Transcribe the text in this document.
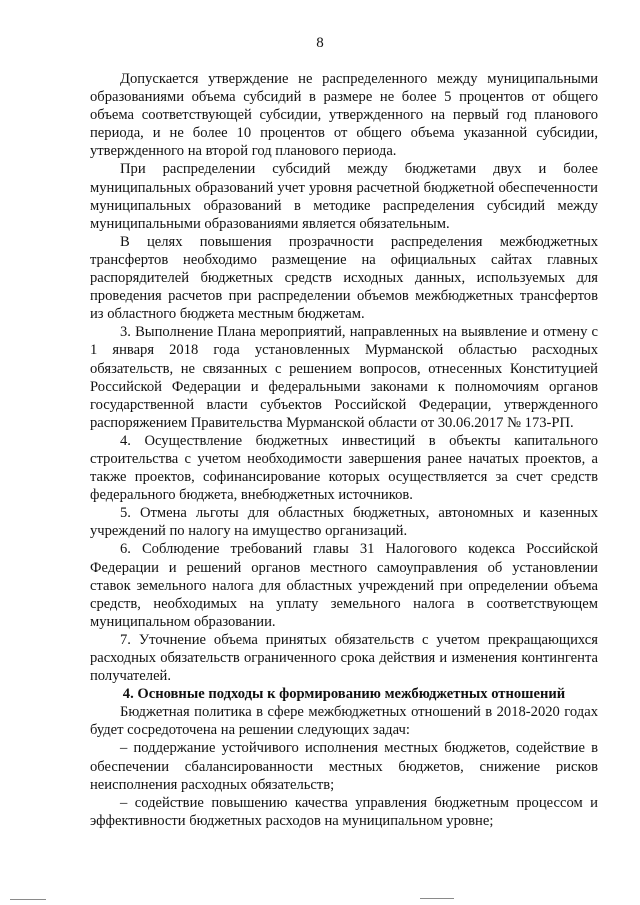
8

Допускается утверждение не распределенного между муниципальными образованиями объема субсидий в размере не более 5 процентов от общего объема соответствующей субсидии, утвержденного на первый год планового периода, и не более 10 процентов от общего объема указанной субсидии, утвержденного на второй год планового периода.

При распределении субсидий между бюджетами двух и более муниципальных образований учет уровня расчетной бюджетной обеспеченности муниципальных образований в методике распределения субсидий между муниципальными образованиями является обязательным.

В целях повышения прозрачности распределения межбюджетных трансфертов необходимо размещение на официальных сайтах главных распорядителей бюджетных средств исходных данных, используемых для проведения расчетов при распределении объемов межбюджетных трансфертов из областного бюджета местным бюджетам.

3. Выполнение Плана мероприятий, направленных на выявление и отмену с 1 января 2018 года установленных Мурманской областью расходных обязательств, не связанных с решением вопросов, отнесенных Конституцией Российской Федерации и федеральными законами к полномочиям органов государственной власти субъектов Российской Федерации, утвержденного распоряжением Правительства Мурманской области от 30.06.2017 № 173-РП.

4. Осуществление бюджетных инвестиций в объекты капитального строительства с учетом необходимости завершения ранее начатых проектов, а также проектов, софинансирование которых осуществляется за счет средств федерального бюджета, внебюджетных источников.

5. Отмена льготы для областных бюджетных, автономных и казенных учреждений по налогу на имущество организаций.

6. Соблюдение требований главы 31 Налогового кодекса Российской Федерации и решений органов местного самоуправления об установлении ставок земельного налога для областных учреждений при определении объема средств, необходимых на уплату земельного налога в соответствующем муниципальном образовании.

7. Уточнение объема принятых обязательств с учетом прекращающихся расходных обязательств ограниченного срока действия и изменения контингента получателей.

4. Основные подходы к формированию межбюджетных отношений

Бюджетная политика в сфере межбюджетных отношений в 2018-2020 годах будет сосредоточена на решении следующих задач:

– поддержание устойчивого исполнения местных бюджетов, содействие в обеспечении сбалансированности местных бюджетов, снижение рисков неисполнения расходных обязательств;

– содействие повышению качества управления бюджетным процессом и эффективности бюджетных расходов на муниципальном уровне;
